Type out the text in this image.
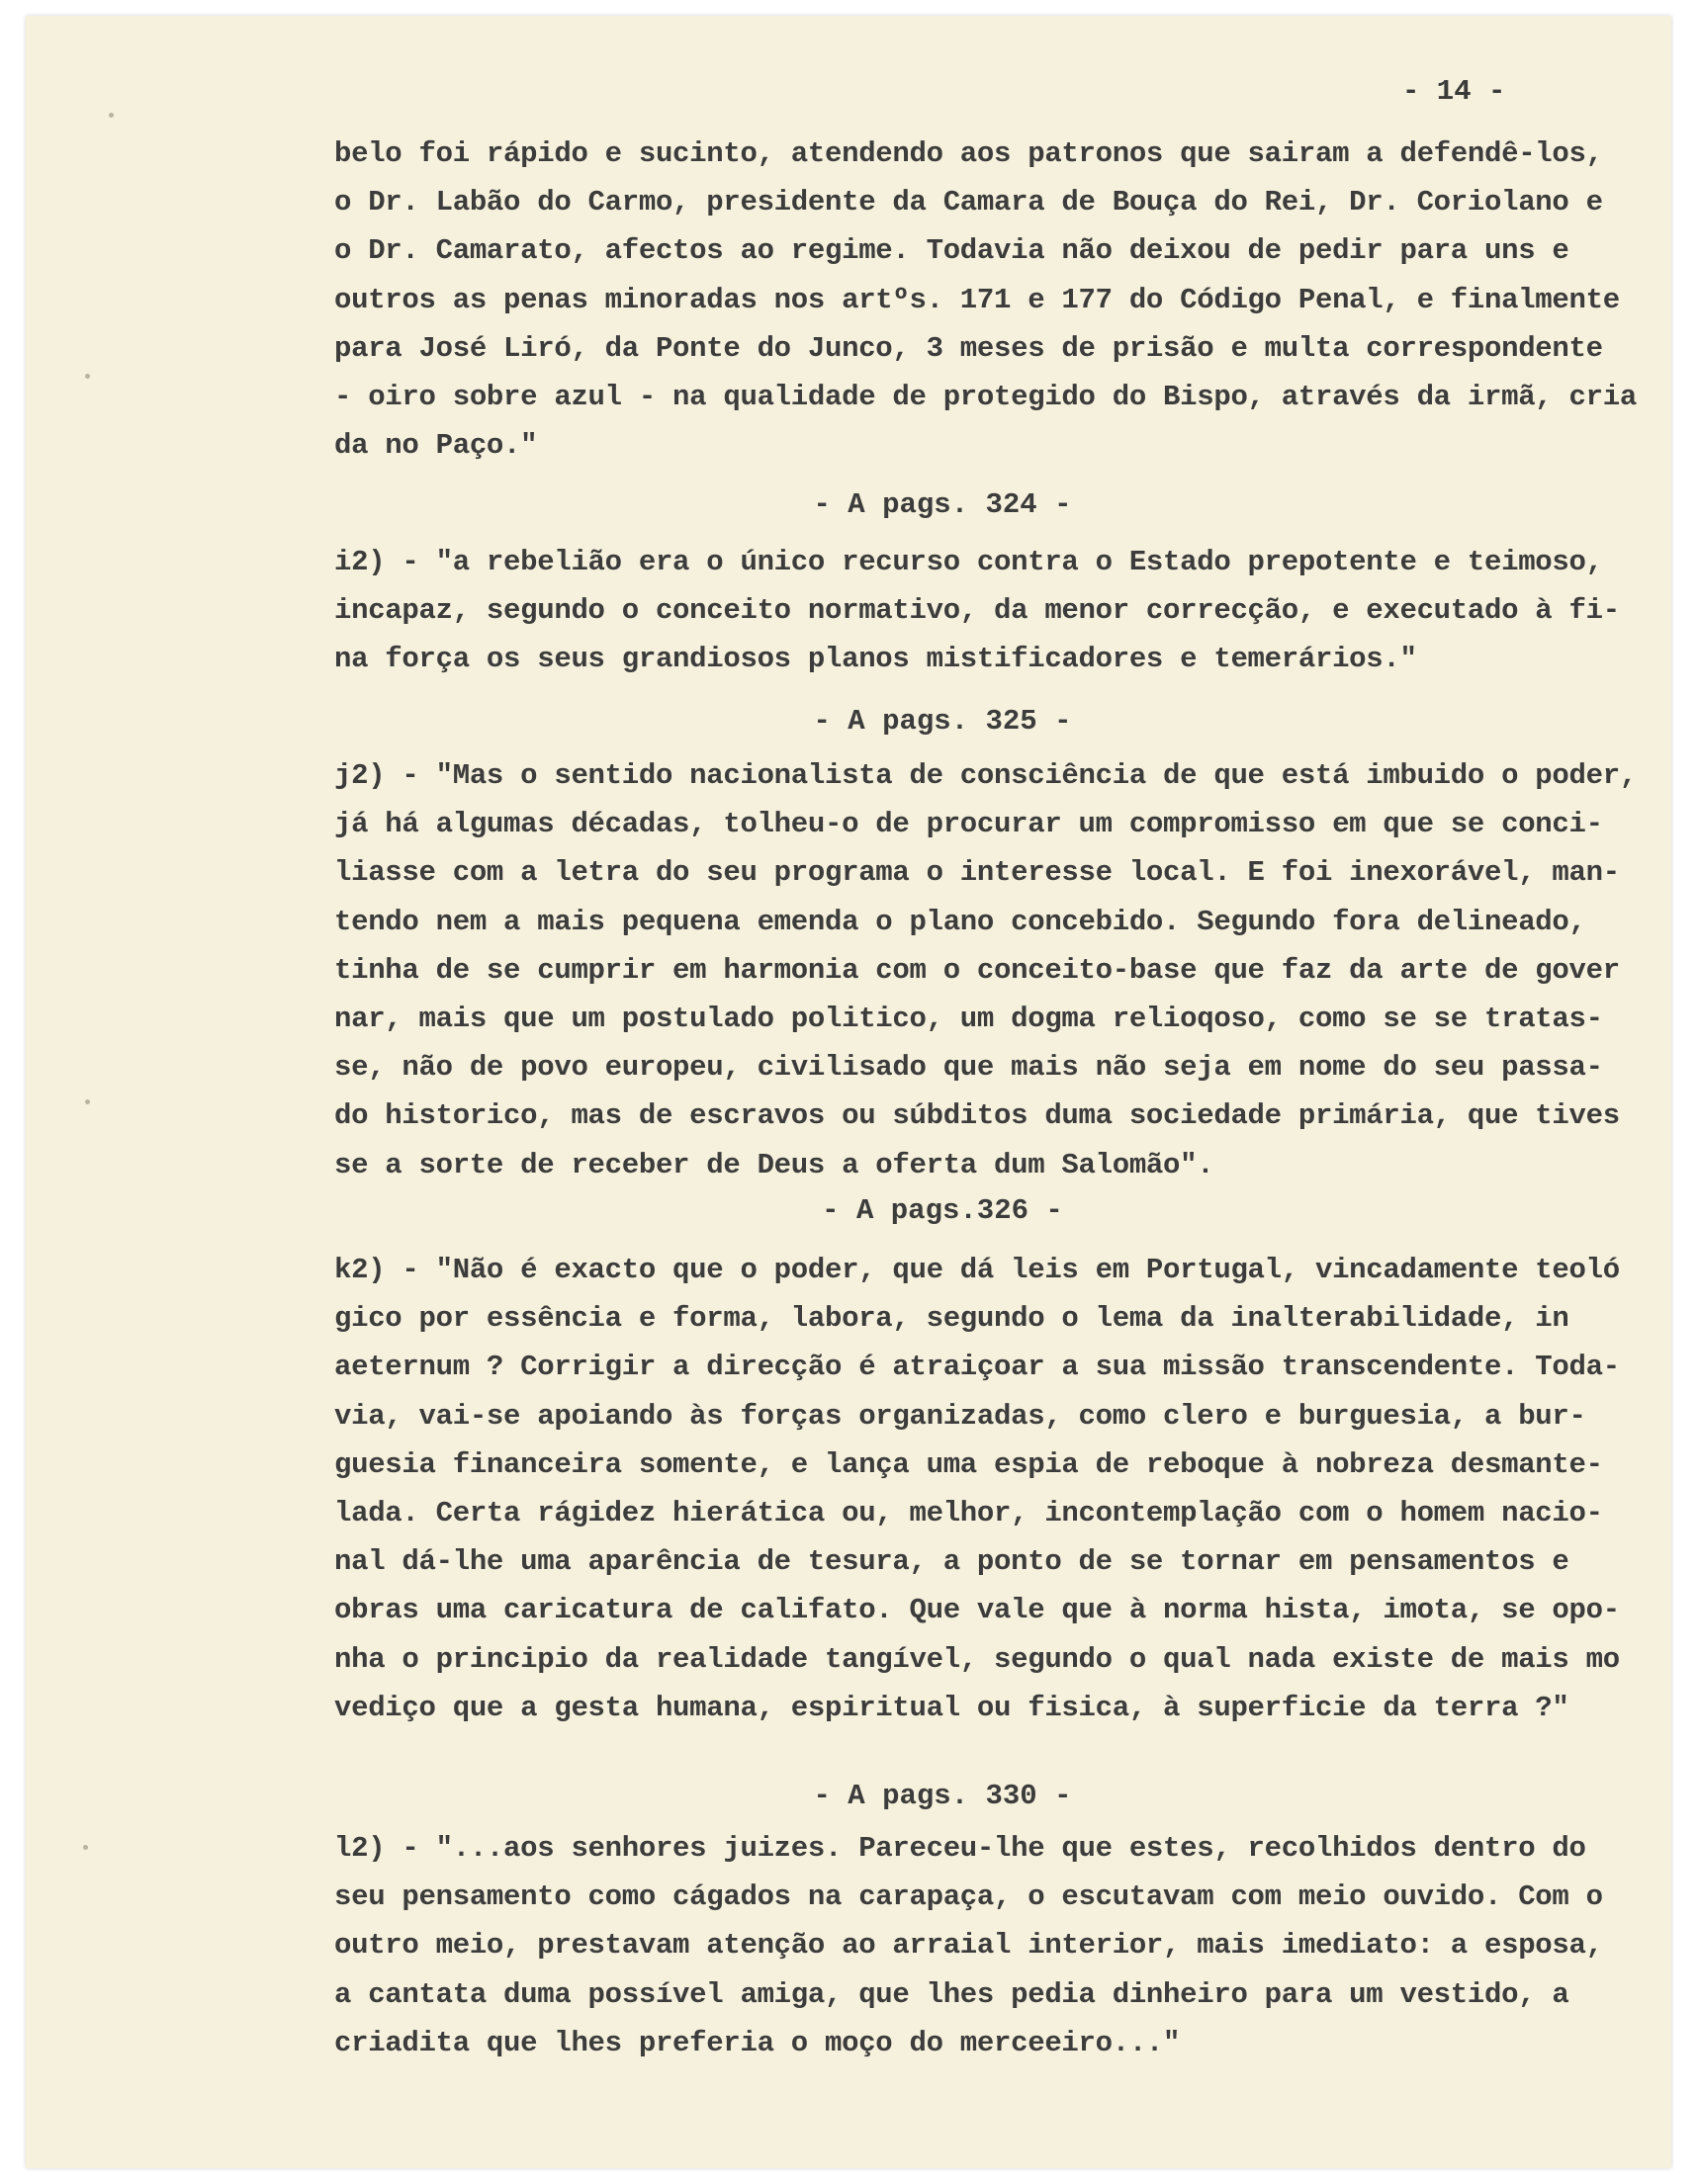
- 14 -

belo foi rápido e sucinto, atendendo aos patronos que sairam a defendê-los,
o Dr. Labão do Carmo, presidente da Camara de Bouça do Rei, Dr. Coriolano e
o Dr. Camarato, afectos ao regime. Todavia não deixou de pedir para uns e
outros as penas minoradas nos artºs. 171 e 177 do Código Penal, e finalmente
para José Liró, da Ponte do Junco, 3 meses de prisão e multa correspondente
- oiro sobre azul - na qualidade de protegido do Bispo, através da irmã, cria
da no Paço."

- A pags. 324 -

i2) - "a rebelião era o único recurso contra o Estado prepotente e teimoso,
incapaz, segundo o conceito normativo, da menor correcção, e executado à fi-
na força os seus grandiosos planos mistificadores e temerários."

- A pags. 325 -

j2) - "Mas o sentido nacionalista de consciência de que está imbuido o poder,
já há algumas décadas, tolheu-o de procurar um compromisso em que se conci-
liasse com a letra do seu programa o interesse local. E foi inexorável, man-
tendo nem a mais pequena emenda o plano concebido. Segundo fora delineado,
tinha de se cumprir em harmonia com o conceito-base que faz da arte de gover
nar, mais que um postulado politico, um dogma relioqoso, como se se tratas-
se, não de povo europeu, civilisado que mais não seja em nome do seu passa-
do historico, mas de escravos ou súbditos duma sociedade primária, que tives
se a sorte de receber de Deus a oferta dum Salomão".

- A pags.326 -

k2) - "Não é exacto que o poder, que dá leis em Portugal, vincadamente teoló
gico por essência e forma, labora, segundo o lema da inalterabilidade, in
aeternum ? Corrigir a direcção é atraiçoar a sua missão transcendente. Toda-
via, vai-se apoiando às forças organizadas, como clero e burguesia, a bur-
guesia financeira somente, e lança uma espia de reboque à nobreza desmante-
lada. Certa rágidez hierática ou, melhor, incontemplação com o homem nacio-
nal dá-lhe uma aparência de tesura, a ponto de se tornar em pensamentos e
obras uma caricatura de califato. Que vale que à norma hista, imota, se opo-
nha o principio da realidade tangível, segundo o qual nada existe de mais mo
vediço que a gesta humana, espiritual ou fisica, à superficie da terra ?"

- A pags. 330 -

l2) - "...aos senhores juizes. Pareceu-lhe que estes, recolhidos dentro do
seu pensamento como cágados na carapaça, o escutavam com meio ouvido. Com o
outro meio, prestavam atenção ao arraial interior, mais imediato: a esposa,
a cantata duma possível amiga, que lhes pedia dinheiro para um vestido, a
criadita que lhes preferia o moço do merceeiro..."
